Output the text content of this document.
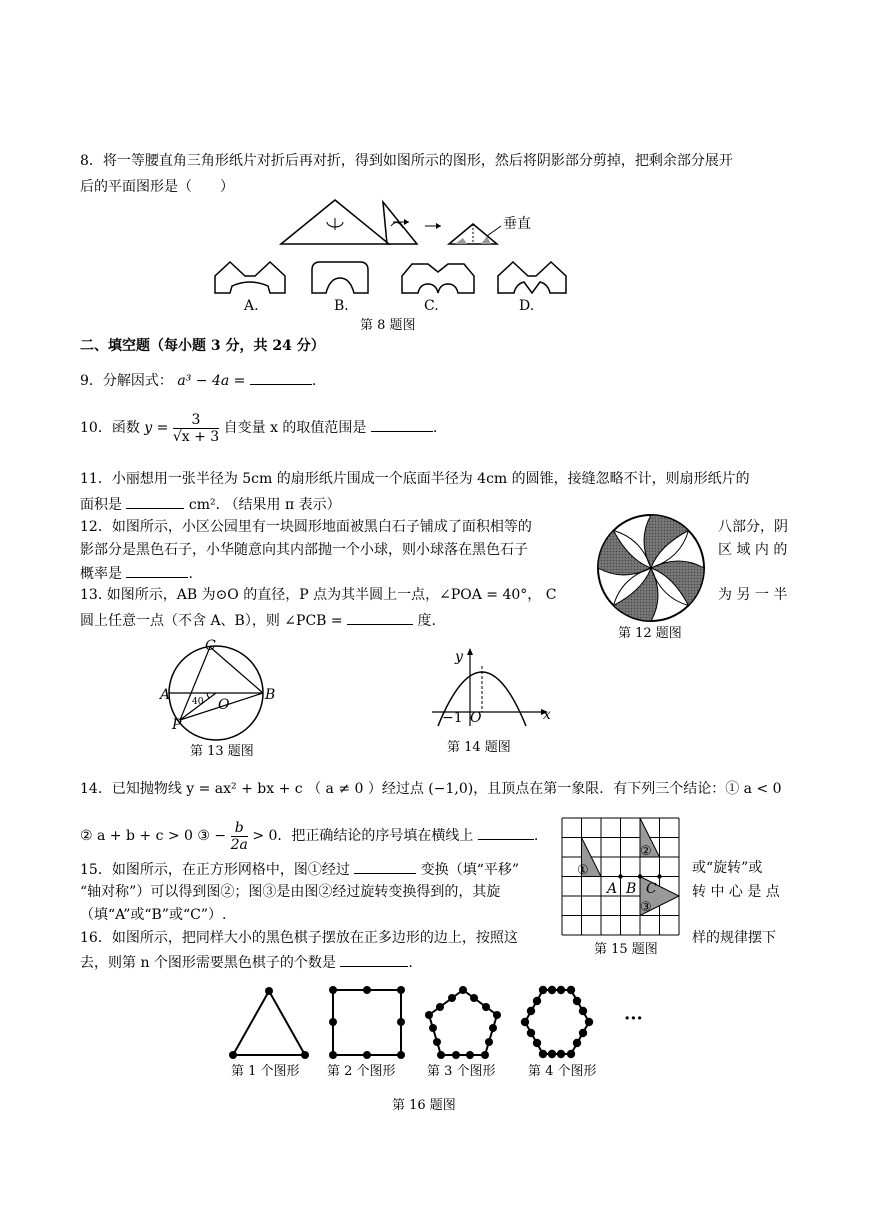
8．将一等腰直角三角形纸片对折后再对折，得到如图所示的图形，然后将阴影部分剪掉，把剩余部分展开
后的平面图形是（　　）
垂直
A.	B.	C.	D.
第 8 题图
二、填空题（每小题 3 分，共 24 分）
9．分解因式： a³ − 4a =	.
10．函数 $y = \frac{3}{√x + 3}$ 自变量 x 的取值范围是	.
11．小丽想用一张半径为 5cm 的扇形纸片围成一个底面半径为 4cm 的圆锥，接缝忽略不计，则扇形纸片的
面积是	cm². （结果用 π 表示）
12．如图所示，小区公园里有一块圆形地面被黑白石子铺成了面积相等的	八部分，阴
影部分是黑色石子，小华随意向其内部抛一个小球，则小球落在黑色石子	区 域 内 的
概率是	.
第 12 题图
13. 如图所示，AB 为⊙O 的直径，P 点为其半圆上一点，∠POA = 40°， C	为 另 一 半
圆上任意一点（不含 A、B），则 ∠PCB =	度.
C
A	B
O
P
40
第 13 题图
y
x
−1 O
第 14 题图
14．已知抛物线 y = ax² + bx + c （ a ≠ 0 ）经过点 (−1,0)，且顶点在第一象限．有下列三个结论：① a < 0
② a + b + c > 0 ③ − $\frac{b}{2a} > 0$．把正确结论的序号填在横线上	.
15．如图所示，在正方形网格中，图①经过	变换（填“平移”	或“旋转”或
“轴对称”）可以得到图②；图③是由图②经过旋转变换得到的，其旋	转 中 心 是 点
（填“A”或“B”或“C”）.
①
②
③
A B C
第 15 题图
16．如图所示，把同样大小的黑色棋子摆放在正多边形的边上，按照这	样的规律摆下
去，则第 n 个图形需要黑色棋子的个数是	.
···
第 1 个图形 第 2 个图形 第 3 个图形 第 4 个图形
第 16 题图
